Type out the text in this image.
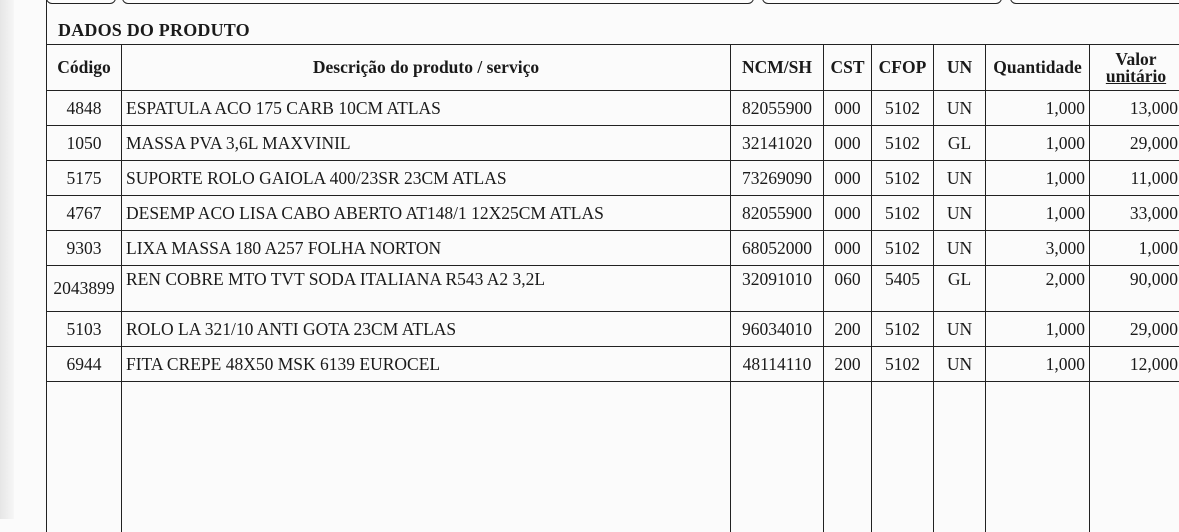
DADOS DO PRODUTO
Código	Descrição do produto / serviço	NCM/SH	CST	CFOP	UN	Quantidade	Valor
unitário

4848	ESPATULA ACO 175 CARB 10CM ATLAS	82055900	000	5102	UN	1,000	13,000
1050	MASSA PVA 3,6L MAXVINIL	32141020	000	5102	GL	1,000	29,000
5175	SUPORTE ROLO GAIOLA 400/23SR 23CM ATLAS	73269090	000	5102	UN	1,000	11,000
4767	DESEMP ACO LISA CABO ABERTO AT148/1 12X25CM ATLAS	82055900	000	5102	UN	1,000	33,000
9303	LIXA MASSA 180 A257 FOLHA NORTON	68052000	000	5102	UN	3,000	1,000
2043899	REN COBRE MTO TVT SODA ITALIANA R543 A2 3,2L	32091010	060	5405	GL	2,000	90,000
5103	ROLO LA 321/10 ANTI GOTA 23CM ATLAS	96034010	200	5102	UN	1,000	29,000
6944	FITA CREPE 48X50 MSK 6139 EUROCEL	48114110	200	5102	UN	1,000	12,000
